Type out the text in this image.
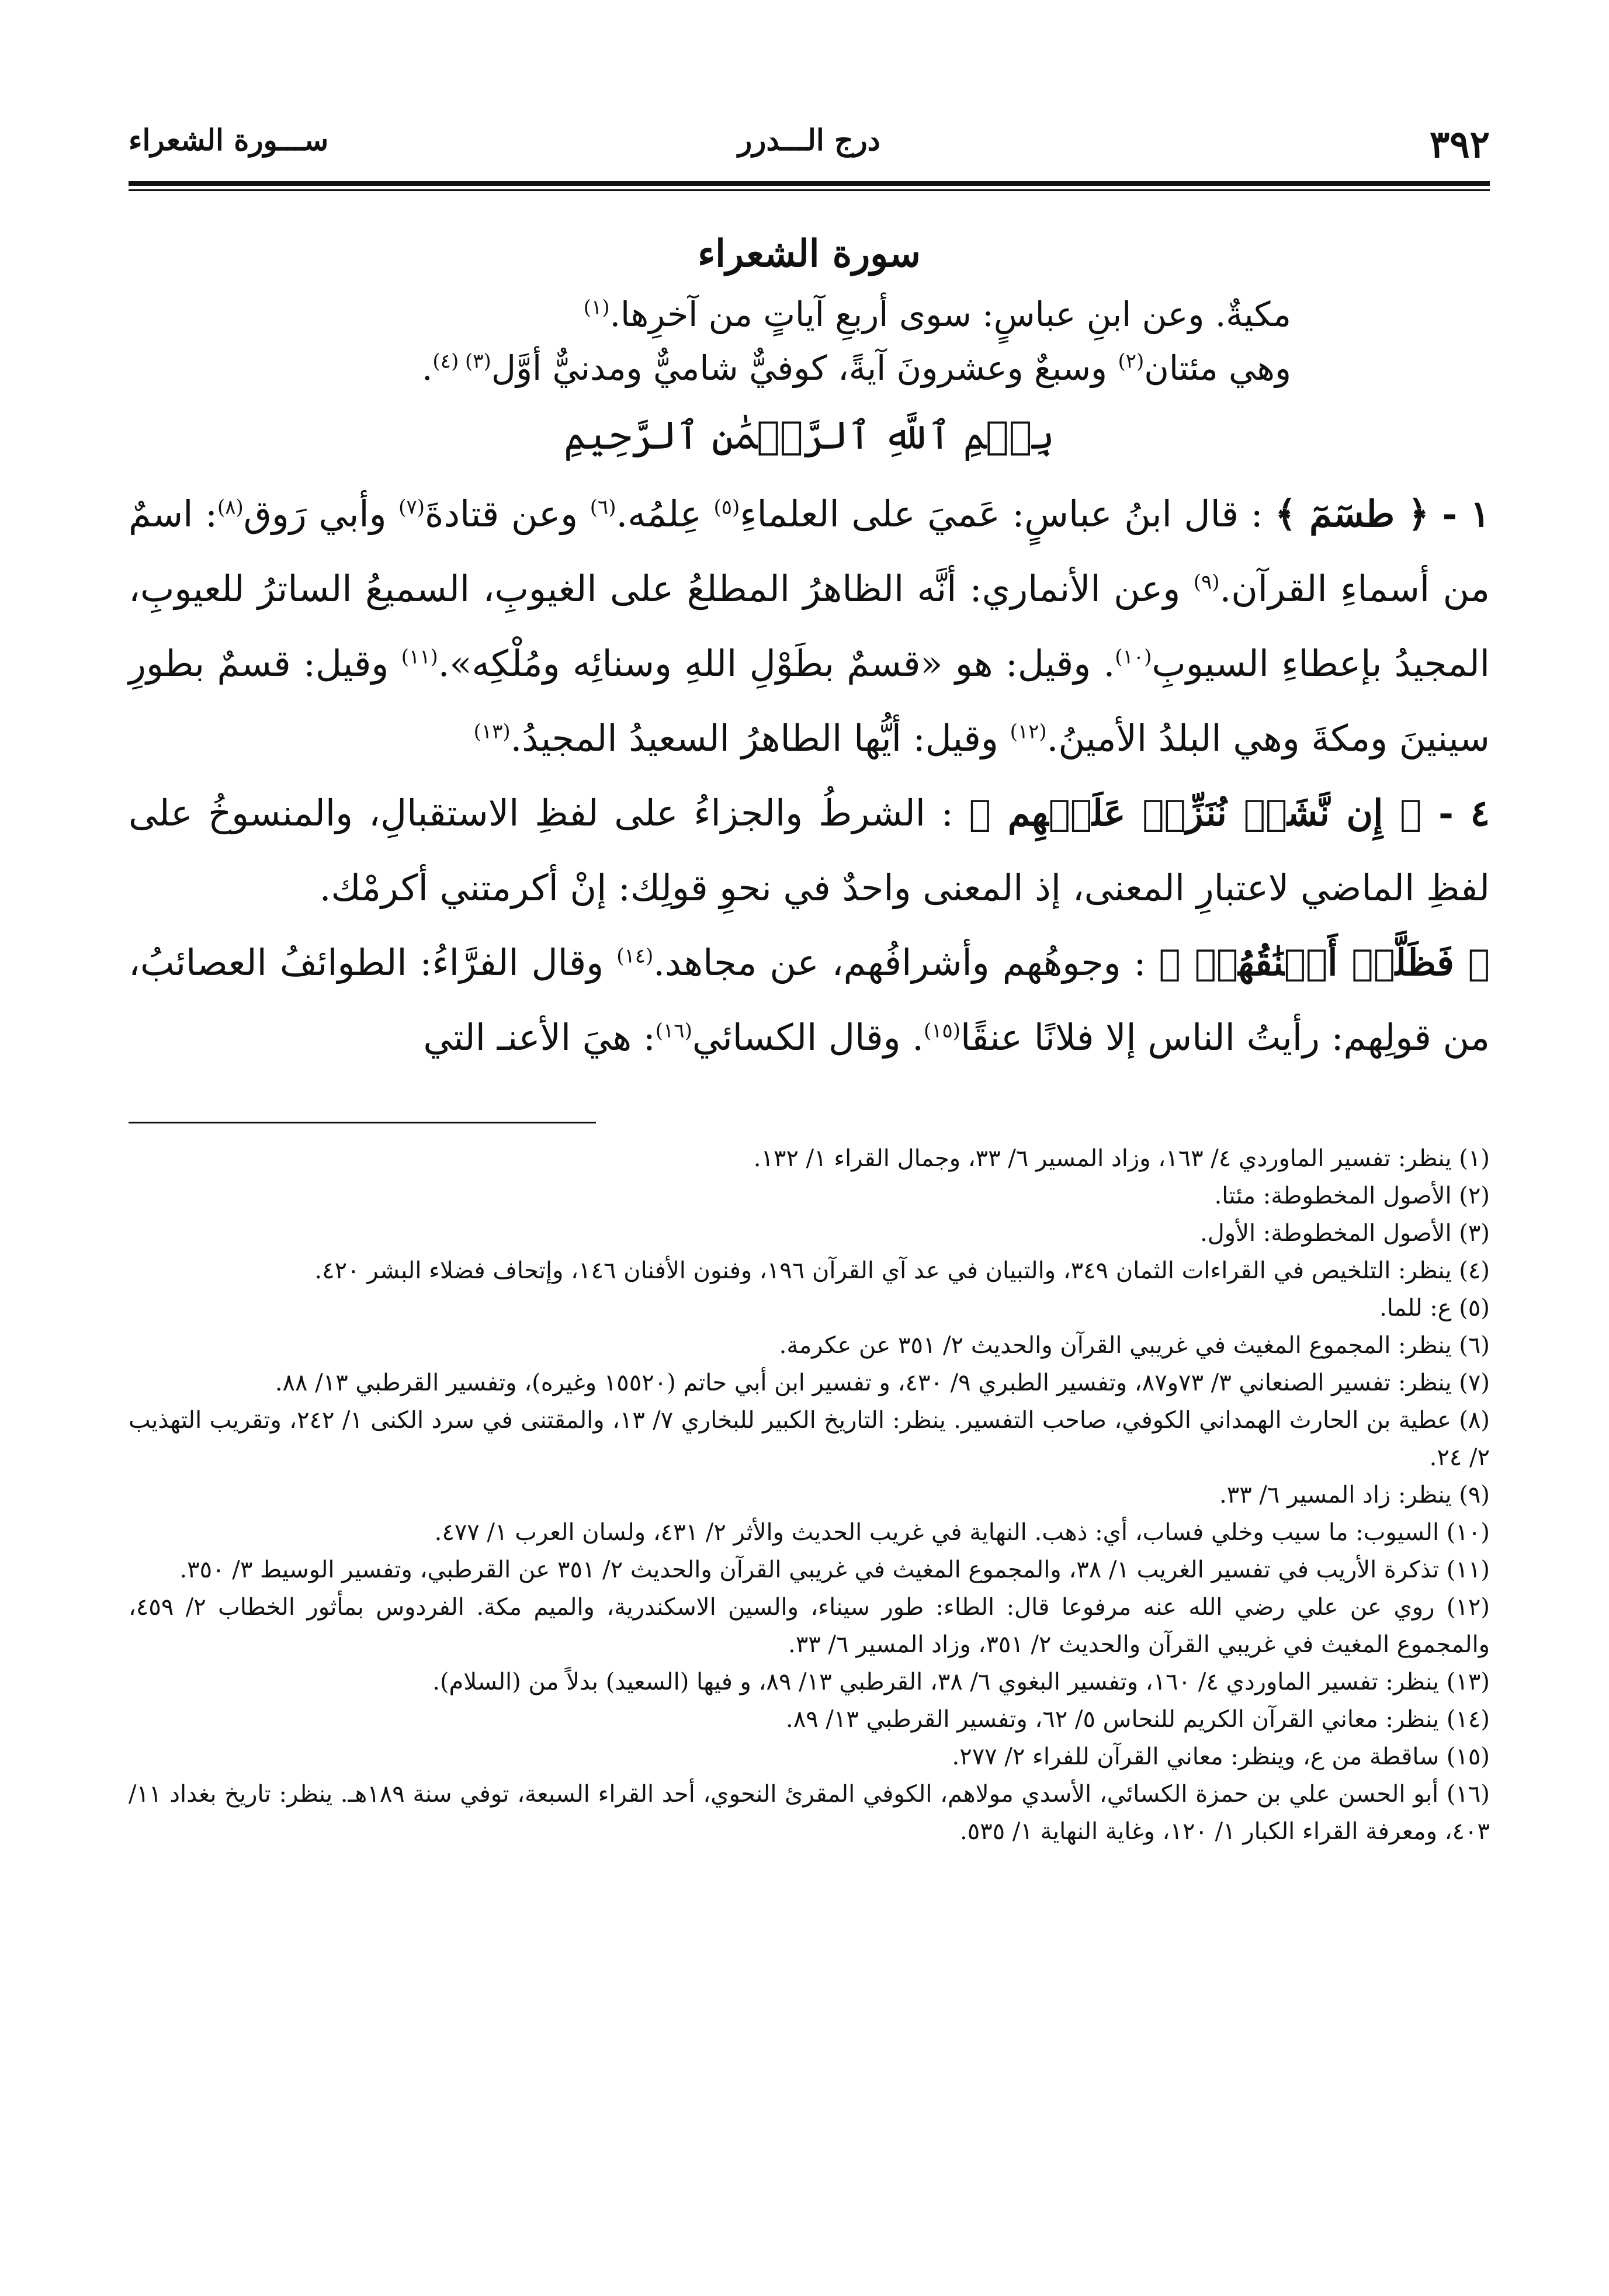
٣٩٢
درج الـــدرر
ســـورة الشعراء
سورة الشعراء
مكيةٌ. وعن ابنِ عباسٍ: سوى أربعِ آياتٍ من آخرِها.$^{(١)}$
وهي مئتان$^{(٢)}$ وسبعٌ وعشرونَ آيةً، كوفيٌّ شاميٌّ ومدنيٌّ أوَّل$^{(٣) (٤)}$.
بِسۡمِ ٱللَّهِ ٱلرَّحۡمَٰنِ ٱلرَّحِيمِ

١ - ﴿ طسٓمٓ ﴾ : قال ابنُ عباسٍ: عَميَ على العلماءِ$^{(٥)}$ عِلمُه.$^{(٦)}$ وعن قتادةَ$^{(٧)}$ وأبي رَوق$^{(٨)}$: اسمٌ من أسماءِ القرآن.$^{(٩)}$ وعن الأنماري: أنَّه الظاهرُ المطلعُ على الغيوبِ، السميعُ الساترُ للعيوبِ، المجيدُ بإعطاءِ السيوبِ$^{(١٠)}$. وقيل: هو «قسمٌ بطَوْلِ اللهِ وسنائِه ومُلْكِه».$^{(١١)}$ وقيل: قسمٌ بطورِ سينينَ ومكةَ وهي البلدُ الأمينُ.$^{(١٢)}$ وقيل: أيُّها الطاهرُ السعيدُ المجيدُ.$^{(١٣)}$

٤ - ﴿ إِن نَّشَأۡ نُنَزِّلۡ عَلَيۡهِم ﴾ : الشرطُ والجزاءُ على لفظِ الاستقبالِ، والمنسوخُ على لفظِ الماضي لاعتبارِ المعنى، إذ المعنى واحدٌ في نحوِ قولِك: إنْ أكرمتني أكرمْك.

﴿ فَظَلَّتۡ أَعۡنَٰقُهُمۡ ﴾ : وجوهُهم وأشرافُهم، عن مجاهد.$^{(١٤)}$ وقال الفرَّاءُ: الطوائفُ العصائبُ، من قولِهم: رأيتُ الناس إلا فلانًا عنقًا$^{(١٥)}$. وقال الكسائي$^{(١٦)}$: هيَ الأعنـ التي

(١) ينظر: تفسير الماوردي ٤/ ١٦٣، وزاد المسير ٦/ ٣٣، وجمال القراء ١/ ١٣٢.
(٢) الأصول المخطوطة: مئتا.
(٣) الأصول المخطوطة: الأول.
(٤) ينظر: التلخيص في القراءات الثمان ٣٤٩، والتبيان في عد آي القرآن ١٩٦، وفنون الأفنان ١٤٦، وإتحاف فضلاء البشر ٤٢٠.
(٥) ع: للما.
(٦) ينظر: المجموع المغيث في غريبي القرآن والحديث ٢/ ٣٥١ عن عكرمة.
(٧) ينظر: تفسير الصنعاني ٣/ ٧٣و٨٧، وتفسير الطبري ٩/ ٤٣٠، و تفسير ابن أبي حاتم (١٥٥٢٠ وغيره)، وتفسير القرطبي ١٣/ ٨٨.
(٨) عطية بن الحارث الهمداني الكوفي، صاحب التفسير. ينظر: التاريخ الكبير للبخاري ٧/ ١٣، والمقتنى في سرد الكنى ١/ ٢٤٢، وتقريب التهذيب ٢/ ٢٤.
(٩) ينظر: زاد المسير ٦/ ٣٣.
(١٠) السيوب: ما سيب وخلي فساب، أي: ذهب. النهاية في غريب الحديث والأثر ٢/ ٤٣١، ولسان العرب ١/ ٤٧٧.
(١١) تذكرة الأريب في تفسير الغريب ١/ ٣٨، والمجموع المغيث في غريبي القرآن والحديث ٢/ ٣٥١ عن القرطبي، وتفسير الوسيط ٣/ ٣٥٠.
(١٢) روي عن علي رضي الله عنه مرفوعا قال: الطاء: طور سيناء، والسين الاسكندرية، والميم مكة. الفردوس بمأثور الخطاب ٢/ ٤٥٩، والمجموع المغيث في غريبي القرآن والحديث ٢/ ٣٥١، وزاد المسير ٦/ ٣٣.
(١٣) ينظر: تفسير الماوردي ٤/ ١٦٠، وتفسير البغوي ٦/ ٣٨، القرطبي ١٣/ ٨٩، و فيها (السعيد) بدلاً من (السلام).
(١٤) ينظر: معاني القرآن الكريم للنحاس ٥/ ٦٢، وتفسير القرطبي ١٣/ ٨٩.
(١٥) ساقطة من ع، وينظر: معاني القرآن للفراء ٢/ ٢٧٧.
(١٦) أبو الحسن علي بن حمزة الكسائي، الأسدي مولاهم، الكوفي المقرئ النحوي، أحد القراء السبعة، توفي سنة ١٨٩هـ. ينظر: تاريخ بغداد ١١/ ٤٠٣، ومعرفة القراء الكبار ١/ ١٢٠، وغاية النهاية ١/ ٥٣٥.
